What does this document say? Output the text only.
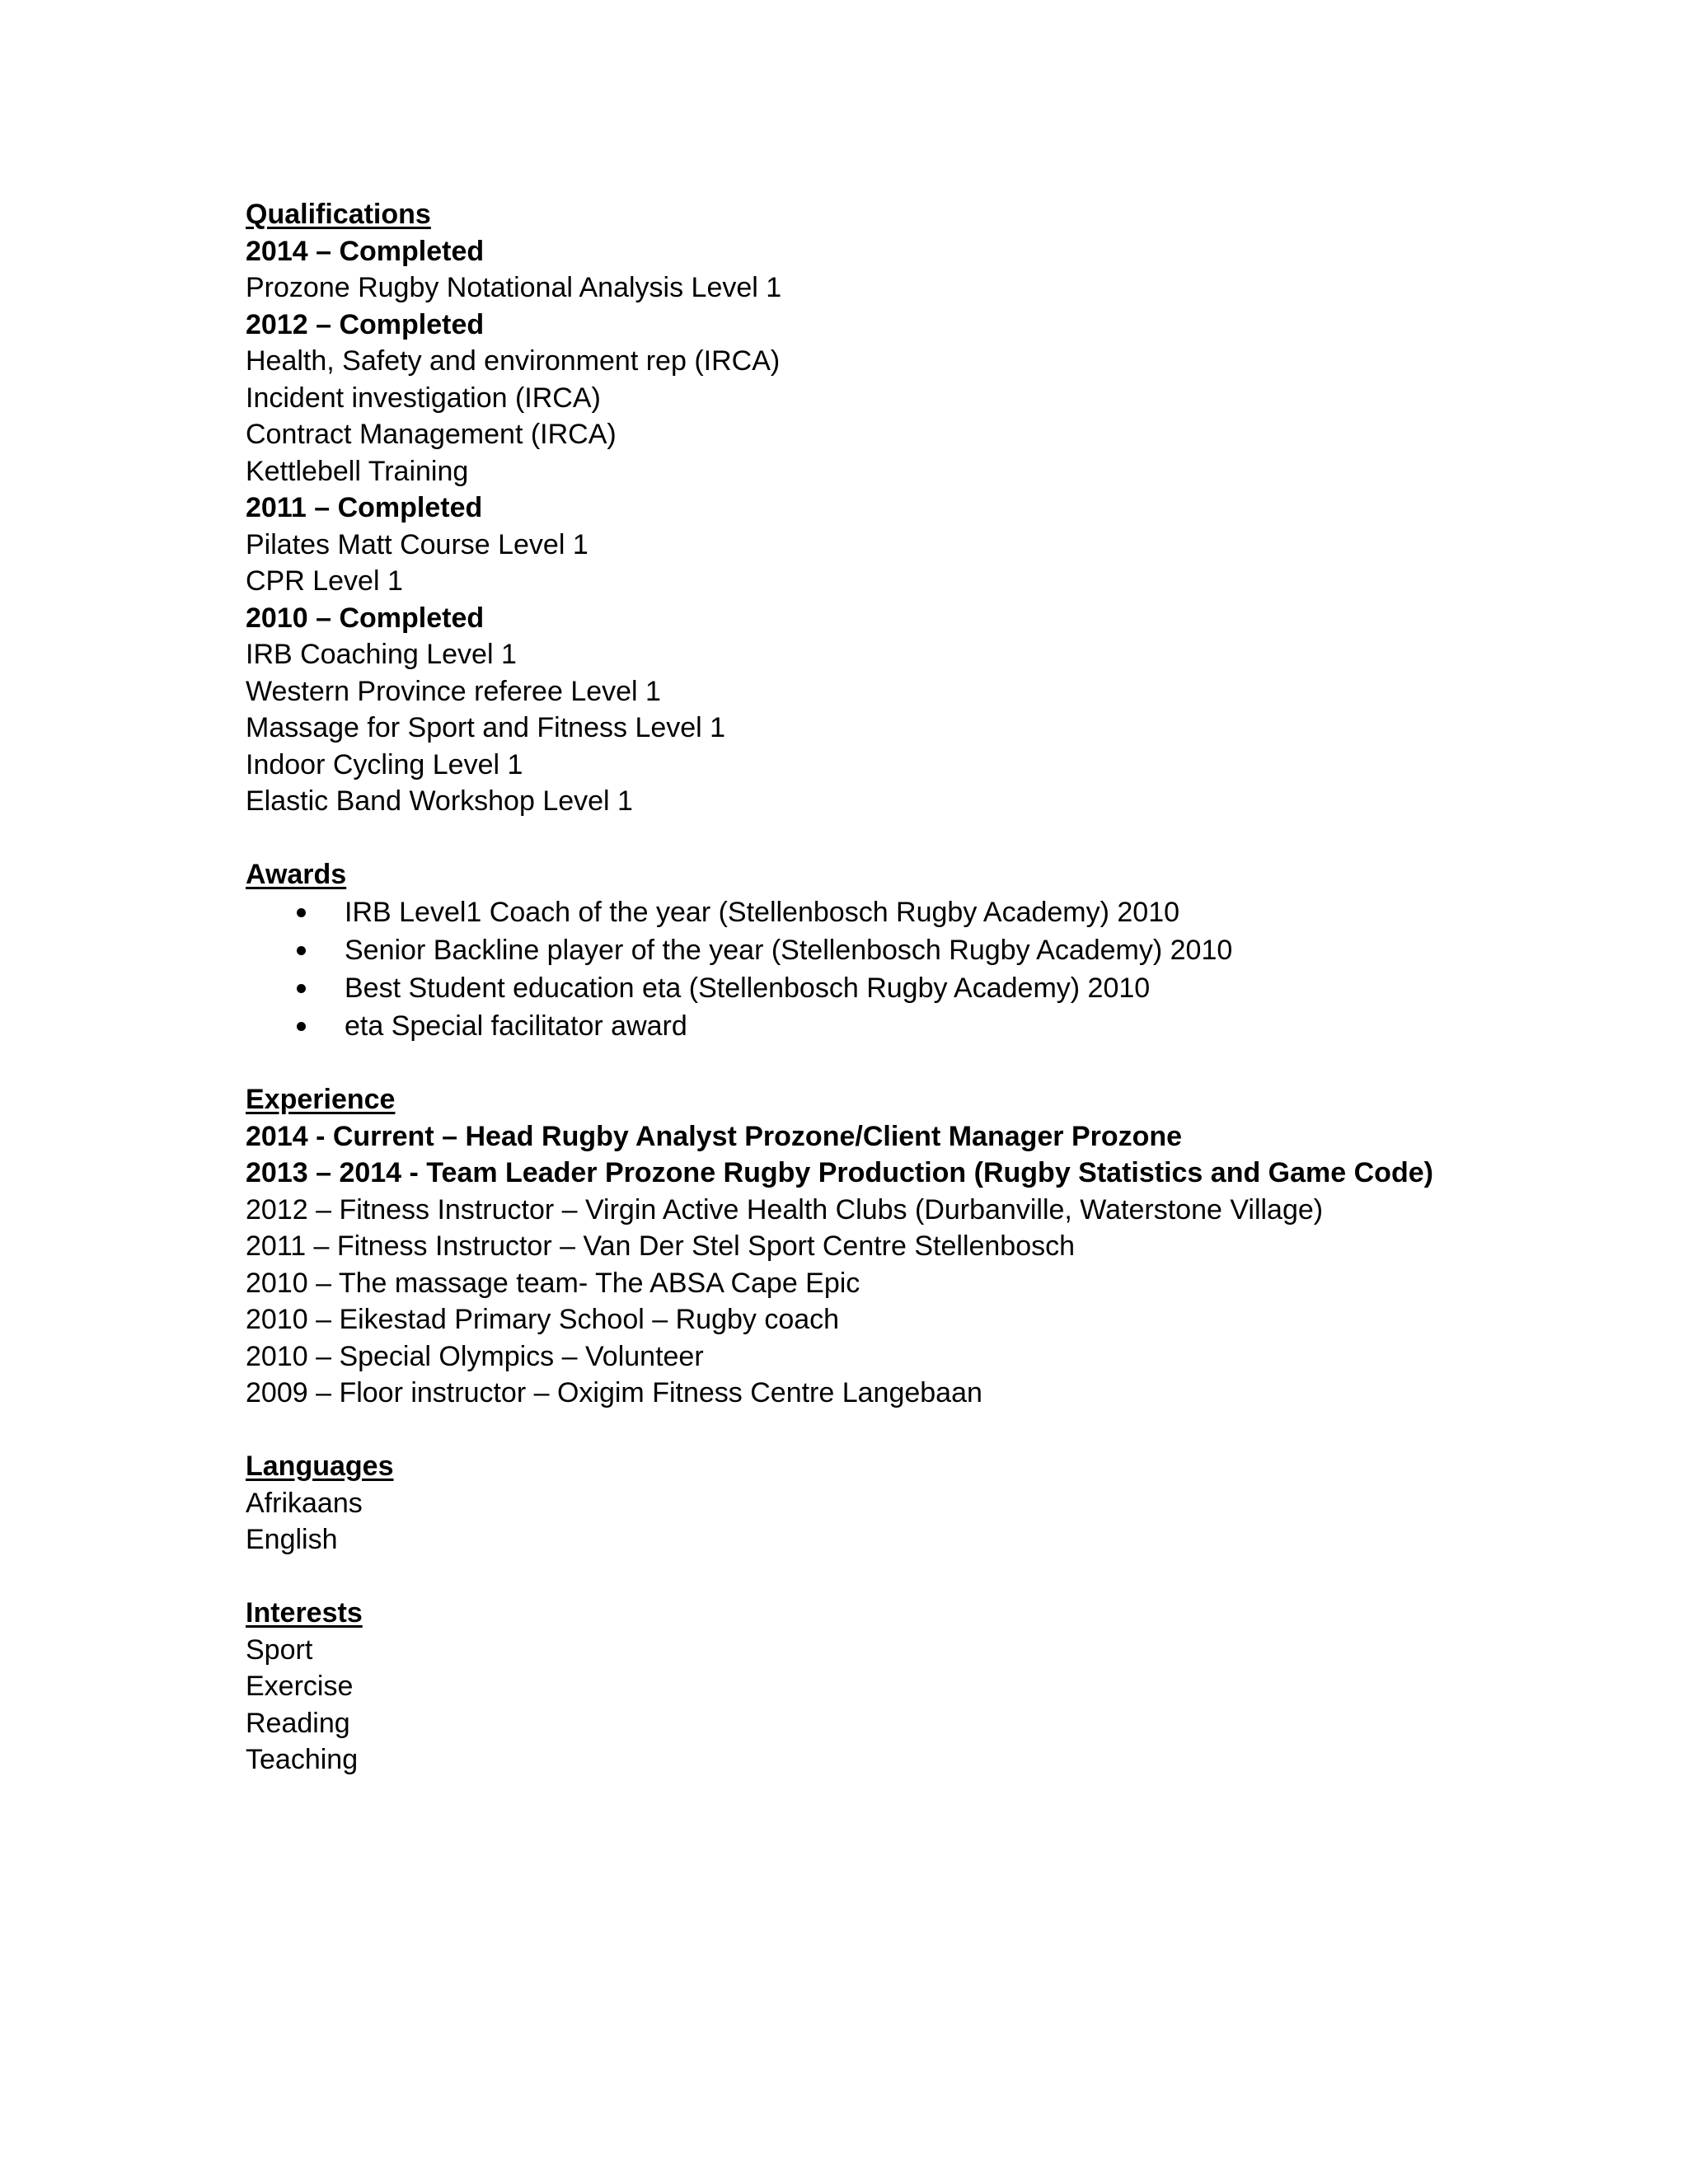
Qualifications
2014 – Completed
Prozone Rugby Notational Analysis Level 1
2012 – Completed
Health, Safety and environment rep (IRCA)
Incident investigation (IRCA)
Contract Management (IRCA)
Kettlebell Training
2011 – Completed
Pilates Matt Course Level 1
CPR Level 1
2010 – Completed
IRB Coaching Level 1
Western Province referee Level 1
Massage for Sport and Fitness Level 1
Indoor Cycling Level 1
Elastic Band Workshop Level 1
Awards
IRB Level1 Coach of the year (Stellenbosch Rugby Academy) 2010
Senior Backline player of the year (Stellenbosch Rugby Academy) 2010
Best Student education eta (Stellenbosch Rugby Academy) 2010
eta Special facilitator award
Experience
2014 - Current – Head Rugby Analyst Prozone/Client Manager Prozone
2013 – 2014 - Team Leader Prozone Rugby Production (Rugby Statistics and Game Code)
2012 – Fitness Instructor – Virgin Active Health Clubs (Durbanville, Waterstone Village)
2011 – Fitness Instructor – Van Der Stel Sport Centre Stellenbosch
2010 – The massage team- The ABSA Cape Epic
2010 – Eikestad Primary School – Rugby coach
2010 – Special Olympics – Volunteer
2009 – Floor instructor – Oxigim Fitness Centre Langebaan
Languages
Afrikaans
English
Interests
Sport
Exercise
Reading
Teaching
